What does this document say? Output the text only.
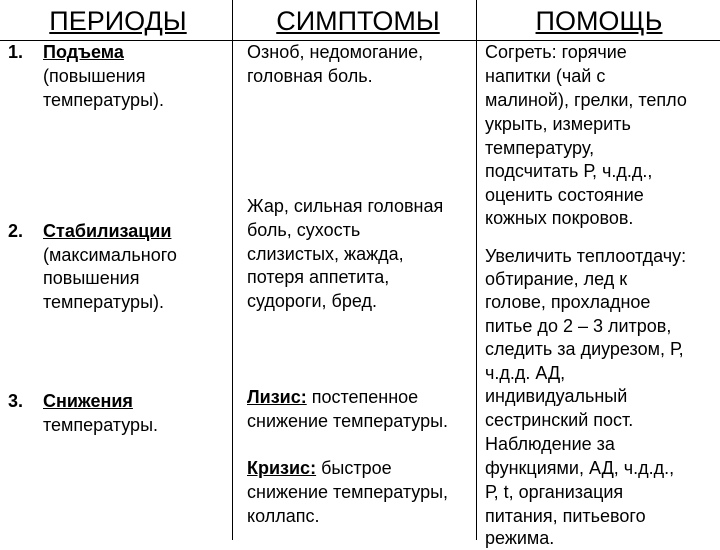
ПЕРИОДЫ	СИМПТОМЫ	ПОМОЩЬ
1. Подъема
(повышения
температуры).
2. Стабилизации
(максимального
повышения
температуры).
3. Снижения
температуры.
Озноб, недомогание,
головная боль.
Жар, сильная головная
боль, сухость
слизистых, жажда,
потеря аппетита,
судороги, бред.
Лизис: постепенное
снижение температуры.
Кризис: быстрое
снижение температуры,
коллапс.
Согреть: горячие
напитки (чай с
малиной), грелки, тепло
укрыть, измерить
температуру,
подсчитать Р, ч.д.д.,
оценить состояние
кожных покровов.
Увеличить теплоотдачу:
обтирание, лед к
голове, прохладное
питье до 2 – 3 литров,
следить за диурезом, Р,
ч.д.д. АД,
индивидуальный
сестринский пост.
Наблюдение за
функциями, АД, ч.д.д.,
Р, t, организация
питания, питьевого
режима.
